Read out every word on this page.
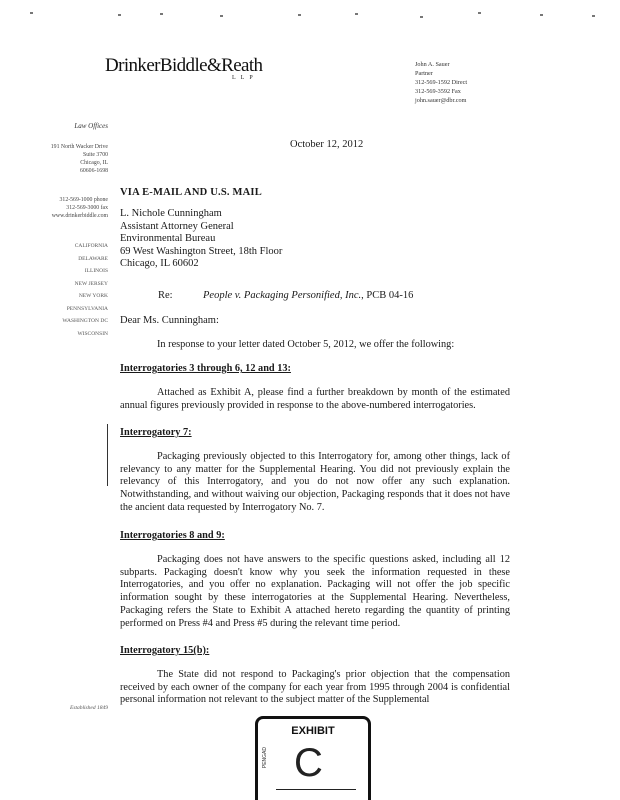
DrinkerBiddle&Reath
LLP
John A. Sauer
Partner
312-569-1592 Direct
312-569-3592 Fax
john.sauer@dbr.com
Law Offices
191 North Wacker Drive
Suite 3700
Chicago, IL
60606-1698
312-569-1000 phone
312-569-3000 fax
www.drinkerbiddle.com
CALIFORNIA
DELAWARE
ILLINOIS
NEW JERSEY
NEW YORK
PENNSYLVANIA
WASHINGTON DC
WISCONSIN
Established 1849
October 12, 2012
VIA E-MAIL AND U.S. MAIL
L. Nichole Cunningham
Assistant Attorney General
Environmental Bureau
69 West Washington Street, 18th Floor
Chicago, IL 60602
Re:	People v. Packaging Personified, Inc., PCB 04-16
Dear Ms. Cunningham:
In response to your letter dated October 5, 2012, we offer the following:
Interrogatories 3 through 6, 12 and 13:
Attached as Exhibit A, please find a further breakdown by month of the estimated annual figures previously provided in response to the above-numbered interrogatories.
Interrogatory 7:
Packaging previously objected to this Interrogatory for, among other things, lack of relevancy to any matter for the Supplemental Hearing. You did not previously explain the relevancy of this Interrogatory, and you do not now offer any such explanation. Notwithstanding, and without waiving our objection, Packaging responds that it does not have the ancient data requested by Interrogatory No. 7.
Interrogatories 8 and 9:
Packaging does not have answers to the specific questions asked, including all 12 subparts. Packaging doesn't know why you seek the information requested in these Interrogatories, and you offer no explanation. Packaging will not offer the job specific information sought by these interrogatories at the Supplemental Hearing. Nevertheless, Packaging refers the State to Exhibit A attached hereto regarding the quantity of printing performed on Press #4 and Press #5 during the relevant time period.
Interrogatory 15(b):
The State did not respond to Packaging's prior objection that the compensation received by each owner of the company for each year from 1995 through 2004 is confidential personal information not relevant to the subject matter of the Supplemental
EXHIBIT
PENGAD C
